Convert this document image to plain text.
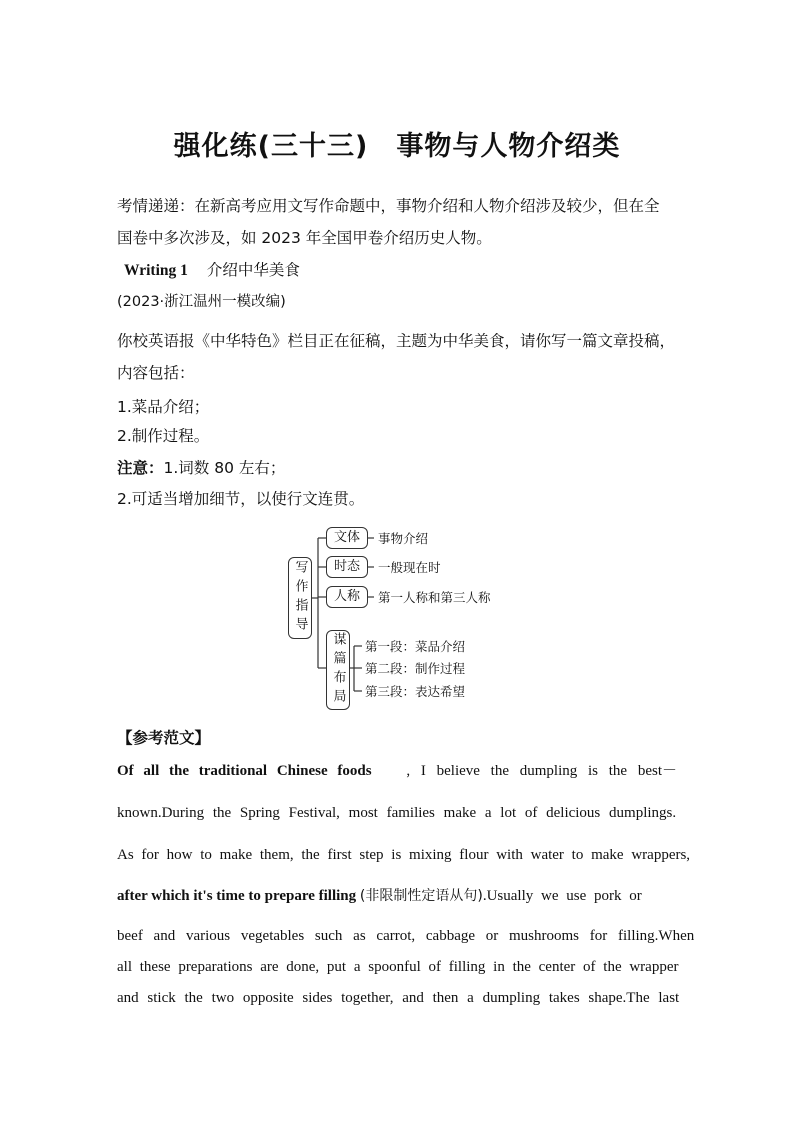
强化练(三十三)　事物与人物介绍类
考情递递：在新高考应用文写作命题中，事物介绍和人物介绍涉及较少，但在全
国卷中多次涉及，如 2023 年全国甲卷介绍历史人物。
Writing 1 介绍中华美食
(2023·浙江温州一模改编)
你校英语报《中华特色》栏目正在征稿，主题为中华美食，请你写一篇文章投稿，
内容包括：
1.菜品介绍；
2.制作过程。
注意：1.词数 80 左右；
2.可适当增加细节，以使行文连贯。
写作指导
文体
时态
人称
事物介绍
一般现在时
第一人称和第三人称
谋篇布局	第一段：菜品介绍
第二段：制作过程
第三段：表达希望
【参考范文】
Of all the traditional Chinese foods , I believe the dumpling is the best－
known.During the Spring Festival, most families make a lot of delicious dumplings.
As for how to make them, the first step is mixing flour with water to make wrappers,
after which it's time to prepare filling (非限制性定语从句).Usually we use pork or
beef and various vegetables such as carrot, cabbage or mushrooms for filling.When
all these preparations are done, put a spoonful of filling in the center of the wrapper
and stick the two opposite sides together, and then a dumpling takes shape.The last
